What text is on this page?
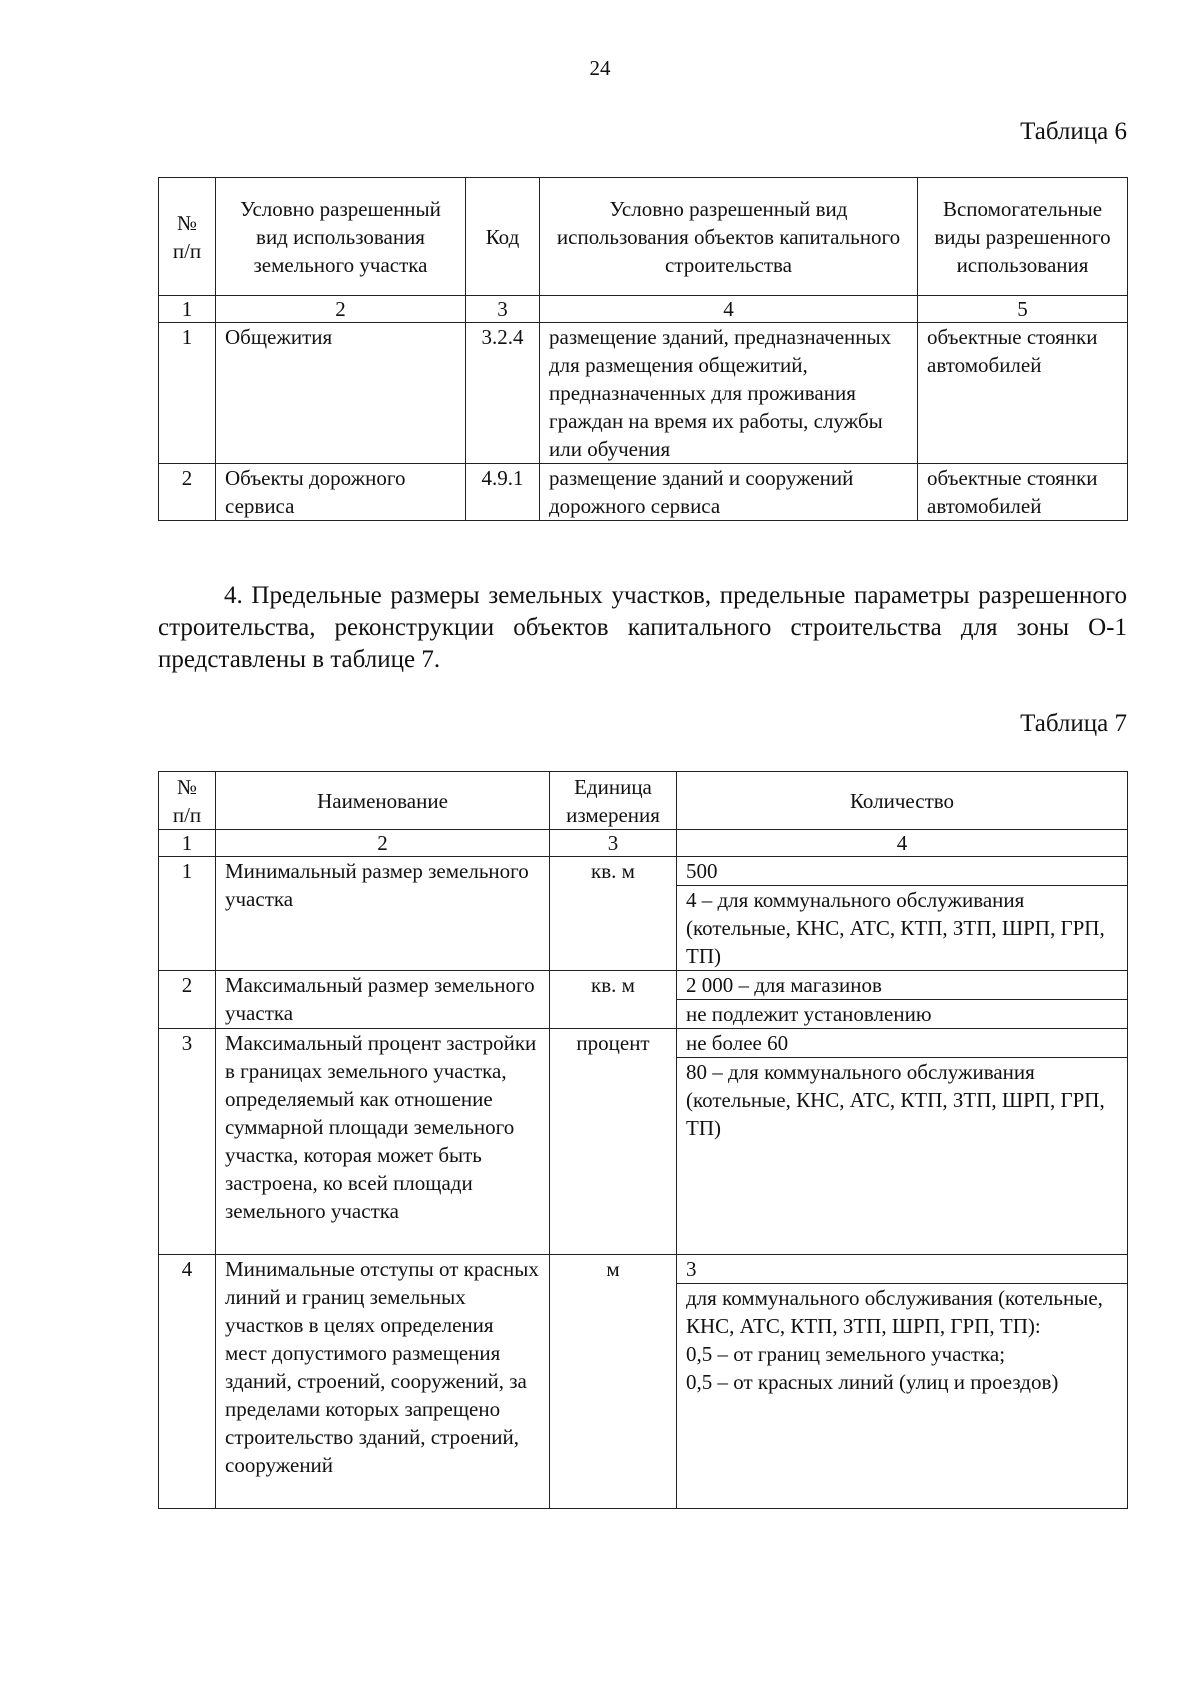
24
Таблица 6
№ п/п	Условно разрешенный вид использования земельного участка	Код	Условно разрешенный вид использования объектов капитального строительства	Вспомогательные виды разрешенного использования
1	2	3	4	5
1	Общежития	3.2.4	размещение зданий, предназначенных для размещения общежитий, предназначенных для проживания граждан на время их работы, службы или обучения	объектные стоянки автомобилей
2	Объекты дорожного сервиса	4.9.1	размещение зданий и сооружений дорожного сервиса	объектные стоянки автомобилей
4. Предельные размеры земельных участков, предельные параметры разрешенного строительства, реконструкции объектов капитального строительства для зоны О-1 представлены в таблице 7.
Таблица 7
№ п/п	Наименование	Единица измерения	Количество
1	2	3	4
1	Минимальный размер земельного участка	кв. м	500
			4 – для коммунального обслуживания (котельные, КНС, АТС, КТП, ЗТП, ШРП, ГРП, ТП)
2	Максимальный размер земельного участка	кв. м	2 000 – для магазинов
			не подлежит установлению
3	Максимальный процент застройки в границах земельного участка, определяемый как отношение суммарной площади земельного участка, которая может быть застроена, ко всей площади земельного участка	процент	не более 60
			80 – для коммунального обслуживания (котельные, КНС, АТС, КТП, ЗТП, ШРП, ГРП, ТП)
4	Минимальные отступы от красных линий и границ земельных участков в целях определения мест допустимого размещения зданий, строений, сооружений, за пределами которых запрещено строительство зданий, строений, сооружений	м	3

			для коммунального обслуживания (котельные, КНС, АТС, КТП, ЗТП, ШРП, ГРП, ТП):
0,5 – от границ земельного участка;
0,5 – от красных линий (улиц и проездов)
